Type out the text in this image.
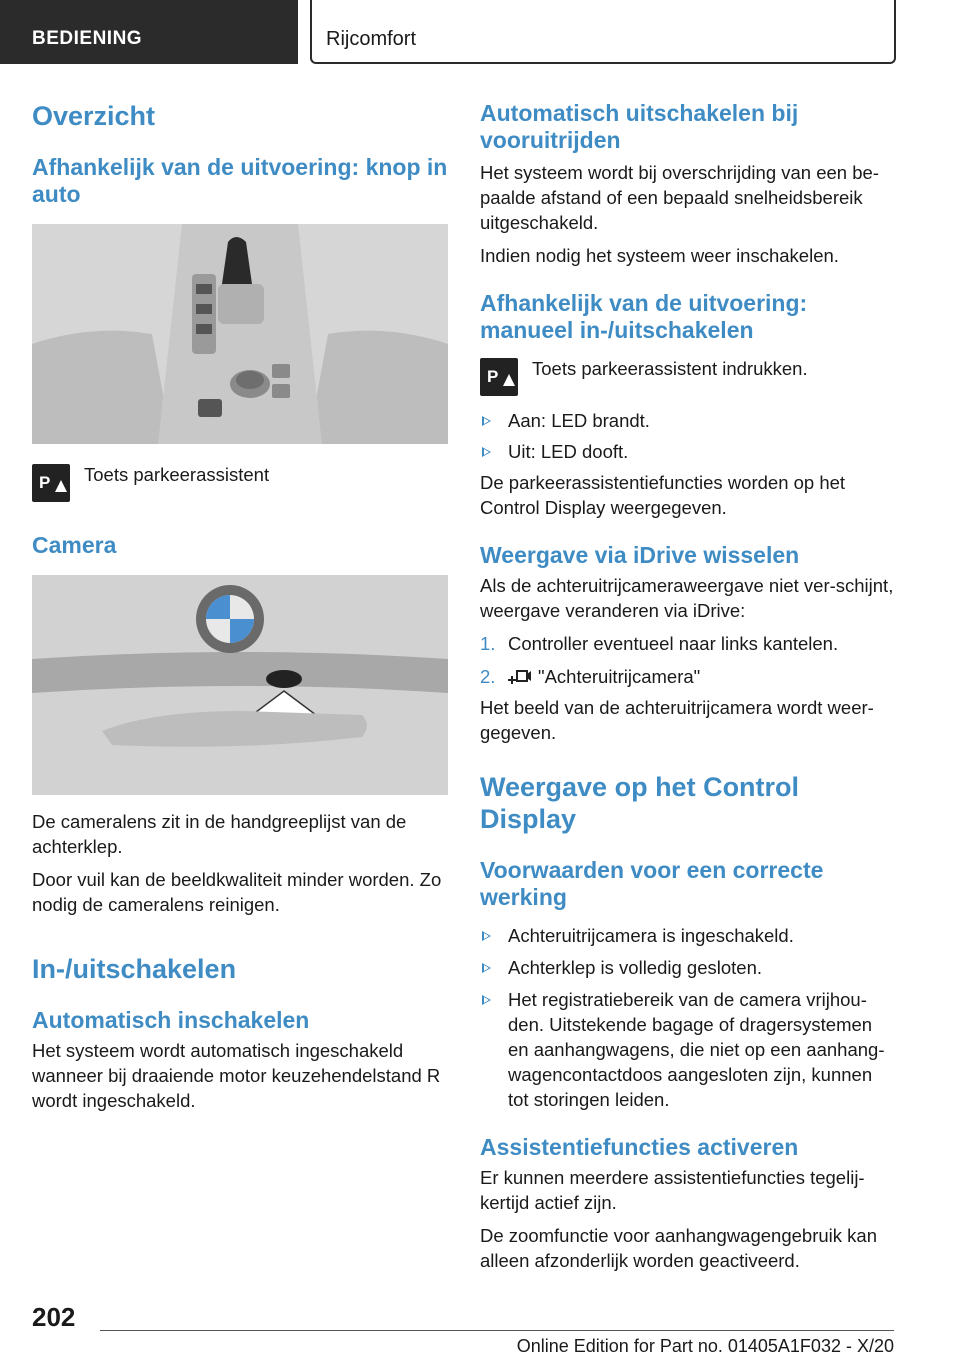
BEDIENING	Rijcomfort
Overzicht
Afhankelijk van de uitvoering: knop in auto
P Toets parkeerassistent

Camera

De cameralens zit in de handgreeplijst van de achterklep.

Door vuil kan de beeldkwaliteit minder worden. Zo nodig de cameralens reinigen.

In-/uitschakelen
Automatisch inschakelen

Het systeem wordt automatisch ingeschakeld wanneer bij draaiende motor keuzehendelstand R wordt ingeschakeld.

Automatisch uitschakelen bij vooruitrijden

Het systeem wordt bij overschrijding van een be-paalde afstand of een bepaald snelheidsbereik uitgeschakeld.

Indien nodig het systeem weer inschakelen.

Afhankelijk van de uitvoering: manueel in-/uitschakelen
P Toets parkeerassistent indrukken.

Aan: LED brandt.
Uit: LED dooft.

De parkeerassistentiefuncties worden op het Control Display weergegeven.

Weergave via iDrive wisselen

Als de achteruitrijcameraweergave niet ver-schijnt, weergave veranderen via iDrive:

1. Controller eventueel naar links kantelen.
2. "Achteruitrijcamera"

Het beeld van de achteruitrijcamera wordt weer-gegeven.

Weergave op het Control Display
Voorwaarden voor een correcte werking
Achteruitrijcamera is ingeschakeld.
Achterklep is volledig gesloten.
Het registratiebereik van de camera vrijhou-den. Uitstekende bagage of dragersystemen en aanhangwagens, die niet op een aanhang-wagencontactdoos aangesloten zijn, kunnen tot storingen leiden.
Assistentiefuncties activeren

Er kunnen meerdere assistentiefuncties tegelij-kertijd actief zijn.

De zoomfunctie voor aanhangwagengebruik kan alleen afzonderlijk worden geactiveerd.

202
Online Edition for Part no. 01405A1F032 - X/20
